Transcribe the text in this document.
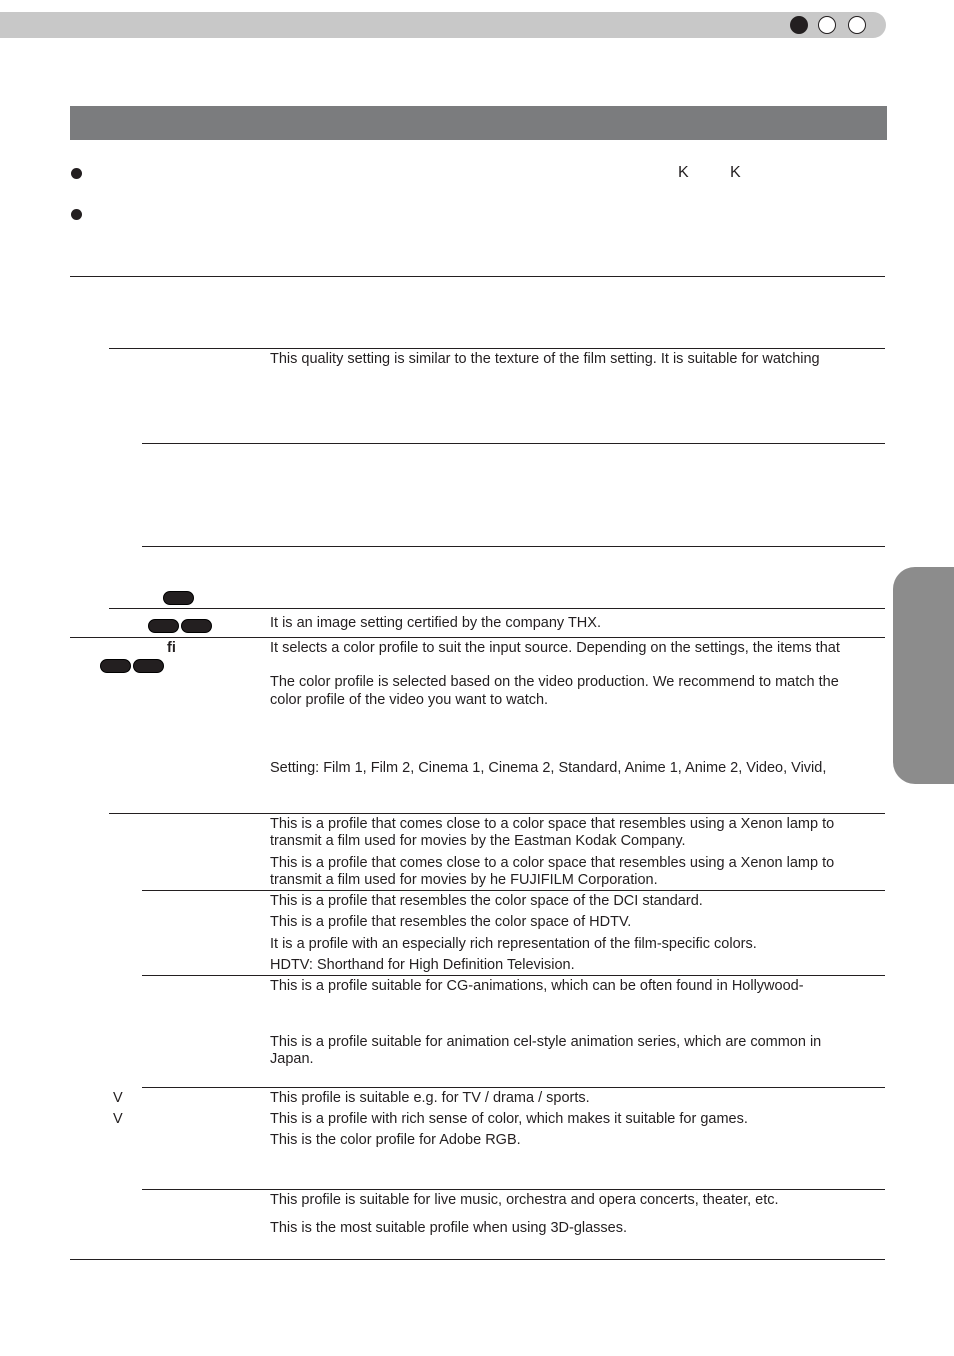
K	K
fi
V
V
This quality setting is similar to the texture of the film setting. It is suitable for watching
It is an image setting certified by the company THX.
It selects a color profile to suit the input source. Depending on the settings, the items that
The color profile is selected based on the video production. We recommend to match the
color profile of the video you want to watch.
Setting: Film 1, Film 2, Cinema 1, Cinema 2, Standard, Anime 1, Anime 2, Video, Vivid,
This is a profile that comes close to a color space that resembles using a Xenon lamp to
transmit a film used for movies by the Eastman Kodak Company.
This is a profile that comes close to a color space that resembles using a Xenon lamp to
transmit a film used for movies by he FUJIFILM Corporation.
This is a profile that resembles the color space of the DCI standard.
This is a profile that resembles the color space of HDTV.
It is a profile with an especially rich representation of the film-specific colors.
HDTV: Shorthand for High Definition Television.
This is a profile suitable for CG-animations, which can be often found in Hollywood-
This is a profile suitable for animation cel-style animation series, which are common in
Japan.
This profile is suitable e.g. for TV / drama / sports.
This is a profile with rich sense of color, which makes it suitable for games.
This is the color profile for Adobe RGB.
This profile is suitable for live music, orchestra and opera concerts, theater, etc.
This is the most suitable profile when using 3D-glasses.
